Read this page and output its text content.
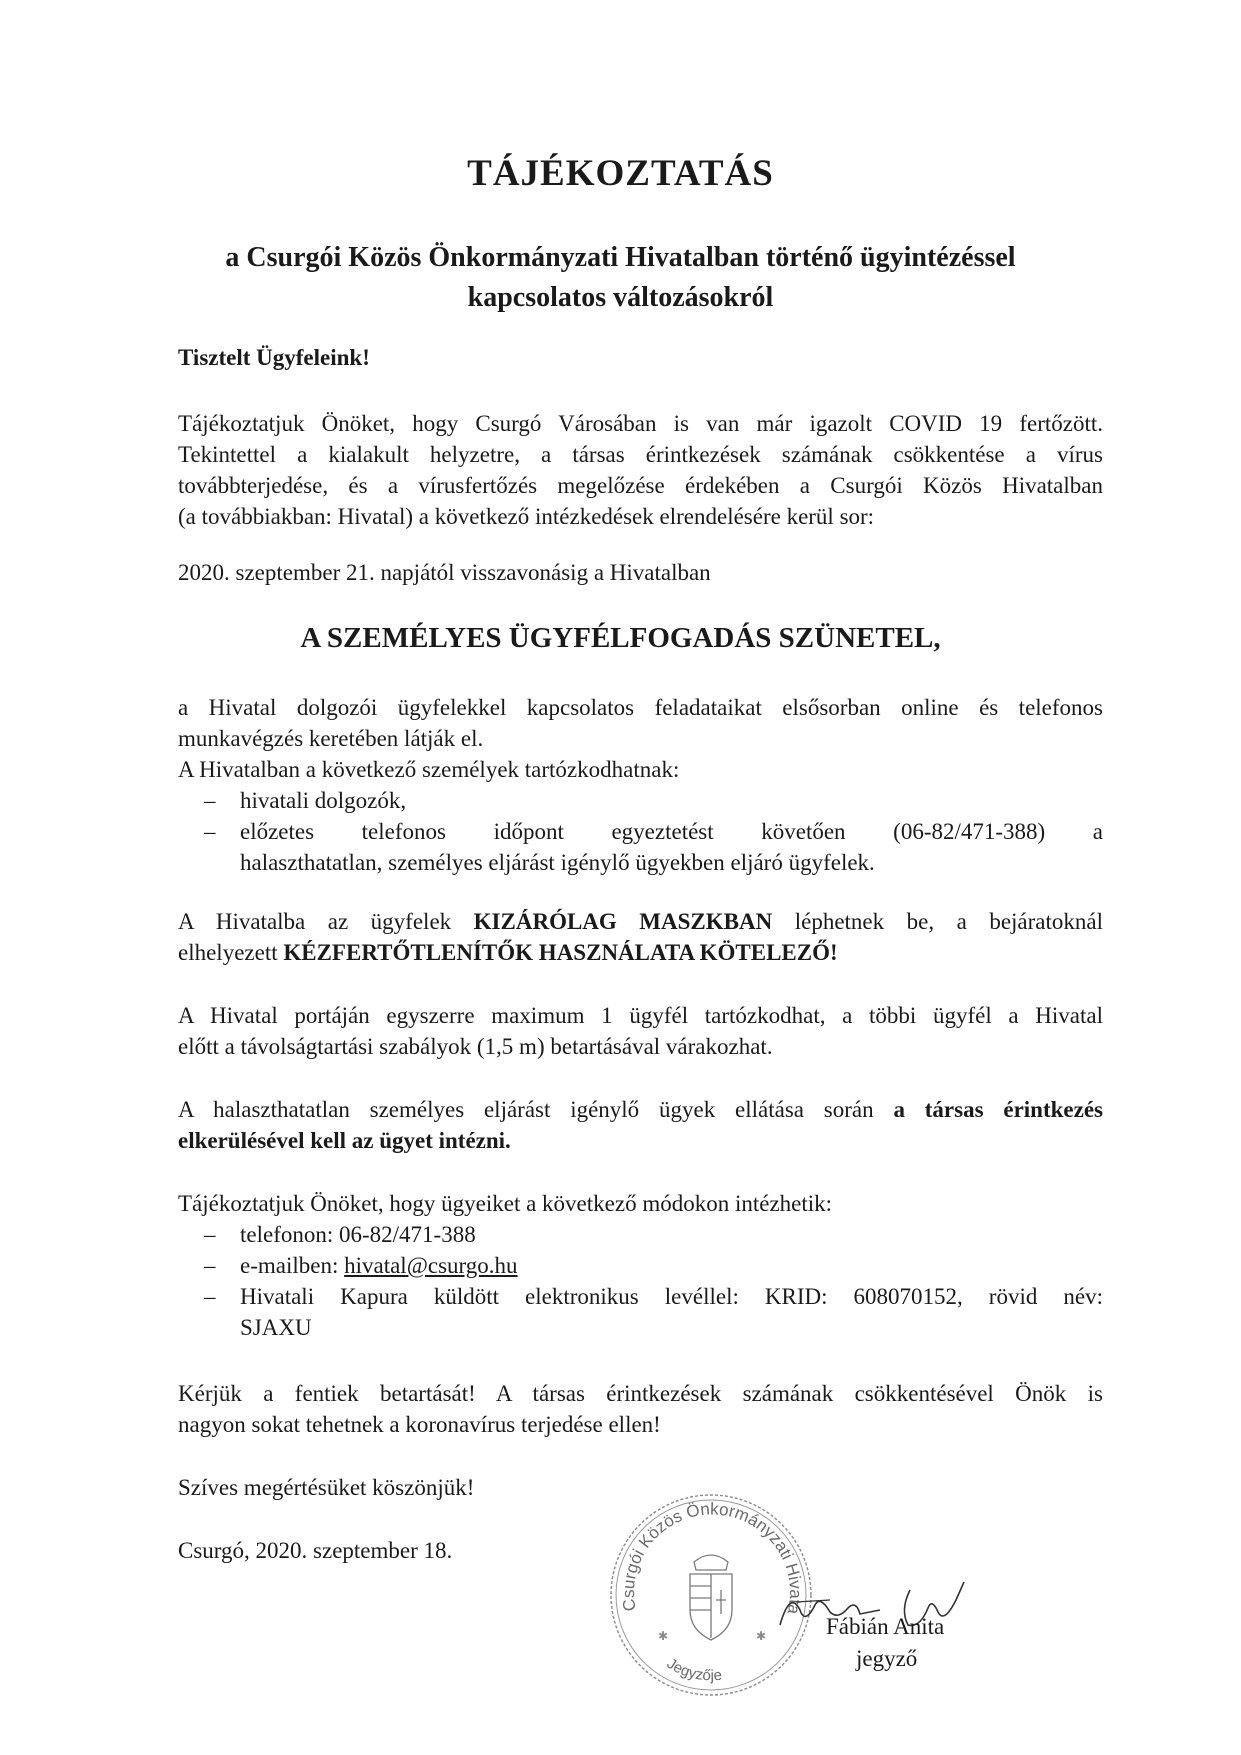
TÁJÉKOZTATÁS
a Csurgói Közös Önkormányzati Hivatalban történő ügyintézéssel
kapcsolatos változásokról
Tisztelt Ügyfeleink!
Tájékoztatjuk Önöket, hogy Csurgó Városában is van már igazolt COVID 19 fertőzött.
Tekintettel a kialakult helyzetre, a társas érintkezések számának csökkentése a vírus
továbbterjedése, és a vírusfertőzés megelőzése érdekében a Csurgói Közös Hivatalban
(a továbbiakban: Hivatal) a következő intézkedések elrendelésére kerül sor:
2020. szeptember 21. napjától visszavonásig a Hivatalban
A SZEMÉLYES ÜGYFÉLFOGADÁS SZÜNETEL,
a Hivatal dolgozói ügyfelekkel kapcsolatos feladataikat elsősorban online és telefonos
munkavégzés keretében látják el.
A Hivatalban a következő személyek tartózkodhatnak:
– hivatali dolgozók,
– előzetes telefonos időpont egyeztetést követően (06-82/471-388) a
halaszthatatlan, személyes eljárást igénylő ügyekben eljáró ügyfelek.
A Hivatalba az ügyfelek KIZÁRÓLAG MASZKBAN léphetnek be, a bejáratoknál
elhelyezett KÉZFERTŐTLENÍTŐK HASZNÁLATA KÖTELEZŐ!
A Hivatal portáján egyszerre maximum 1 ügyfél tartózkodhat, a többi ügyfél a Hivatal
előtt a távolságtartási szabályok (1,5 m) betartásával várakozhat.
A halaszthatatlan személyes eljárást igénylő ügyek ellátása során a társas érintkezés
elkerülésével kell az ügyet intézni.
Tájékoztatjuk Önöket, hogy ügyeiket a következő módokon intézhetik:
– telefonon: 06-82/471-388
– e-mailben: hivatal@csurgo.hu
– Hivatali Kapura küldött elektronikus levéllel: KRID: 608070152, rövid név:
SJAXU
Kérjük a fentiek betartását! A társas érintkezések számának csökkentésével Önök is
nagyon sokat tehetnek a koronavírus terjedése ellen!
Szíves megértésüket köszönjük!
Csurgó, 2020. szeptember 18.
Csurgói Közös Önkormányzati Hivata
Jegyzője
✱	✱	Fábián Anita
jegyző
